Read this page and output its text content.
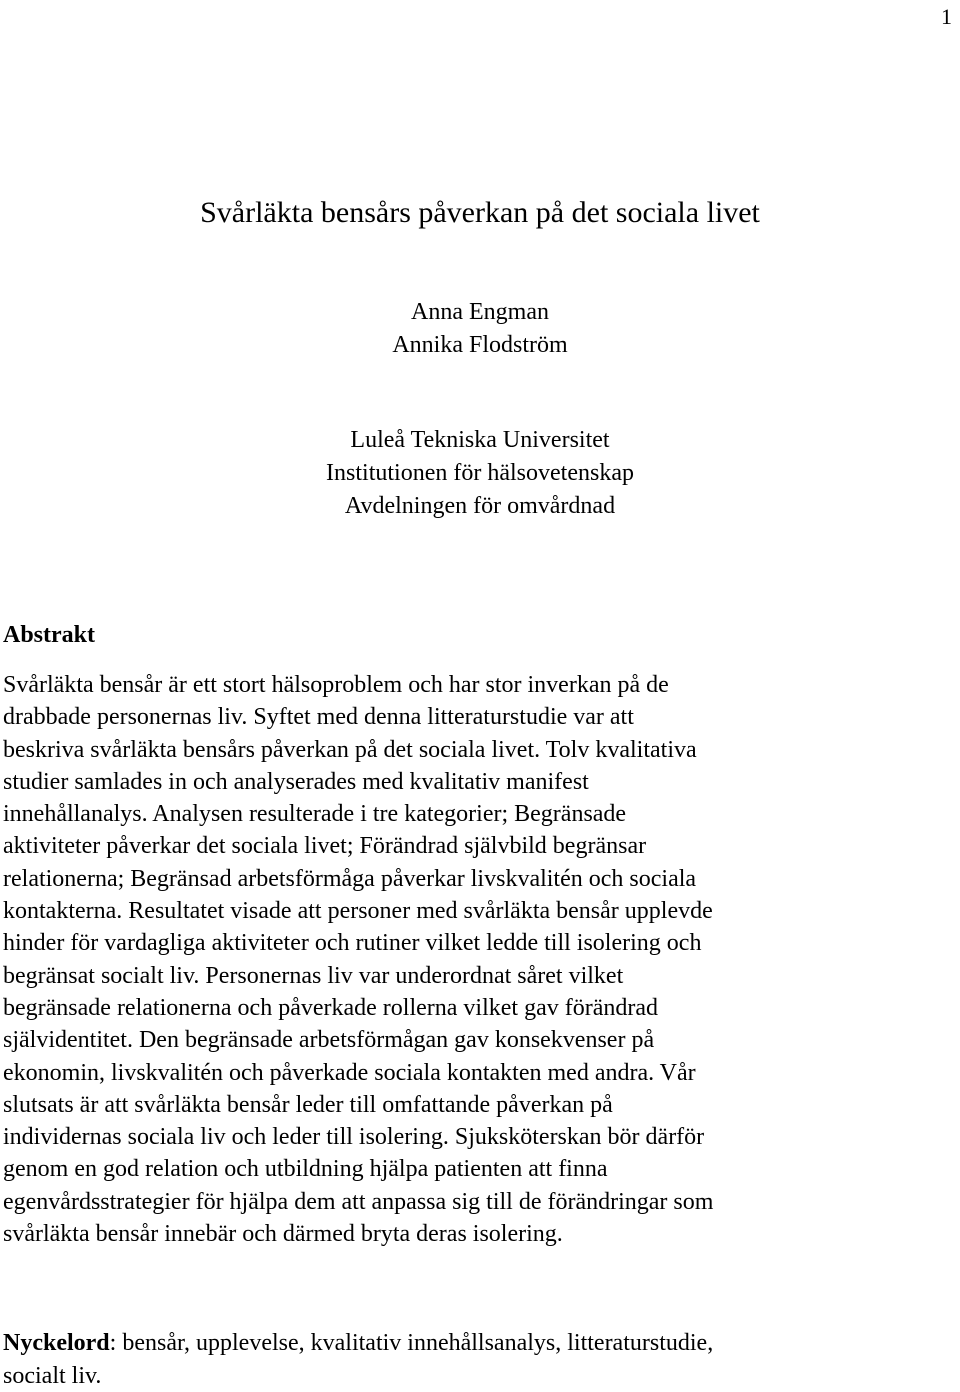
1
Svårläkta bensårs påverkan på det sociala livet
Anna Engman
Annika Flodström
Luleå Tekniska Universitet
Institutionen för hälsovetenskap
Avdelningen för omvårdnad
Abstrakt
Svårläkta bensår är ett stort hälsoproblem och har stor inverkan på de
drabbade personernas liv. Syftet med denna litteraturstudie var att
beskriva svårläkta bensårs påverkan på det sociala livet. Tolv kvalitativa
studier samlades in och analyserades med kvalitativ manifest
innehållanalys. Analysen resulterade i tre kategorier; Begränsade
aktiviteter påverkar det sociala livet; Förändrad självbild begränsar
relationerna; Begränsad arbetsförmåga påverkar livskvalitén och sociala
kontakterna. Resultatet visade att personer med svårläkta bensår upplevde
hinder för vardagliga aktiviteter och rutiner vilket ledde till isolering och
begränsat socialt liv. Personernas liv var underordnat såret vilket
begränsade relationerna och påverkade rollerna vilket gav förändrad
självidentitet. Den begränsade arbetsförmågan gav konsekvenser på
ekonomin, livskvalitén och påverkade sociala kontakten med andra. Vår
slutsats är att svårläkta bensår leder till omfattande påverkan på
individernas sociala liv och leder till isolering. Sjuksköterskan bör därför
genom en god relation och utbildning hjälpa patienten att finna
egenvårdsstrategier för hjälpa dem att anpassa sig till de förändringar som
svårläkta bensår innebär och därmed bryta deras isolering.
Nyckelord: bensår, upplevelse, kvalitativ innehållsanalys, litteraturstudie,
socialt liv.
